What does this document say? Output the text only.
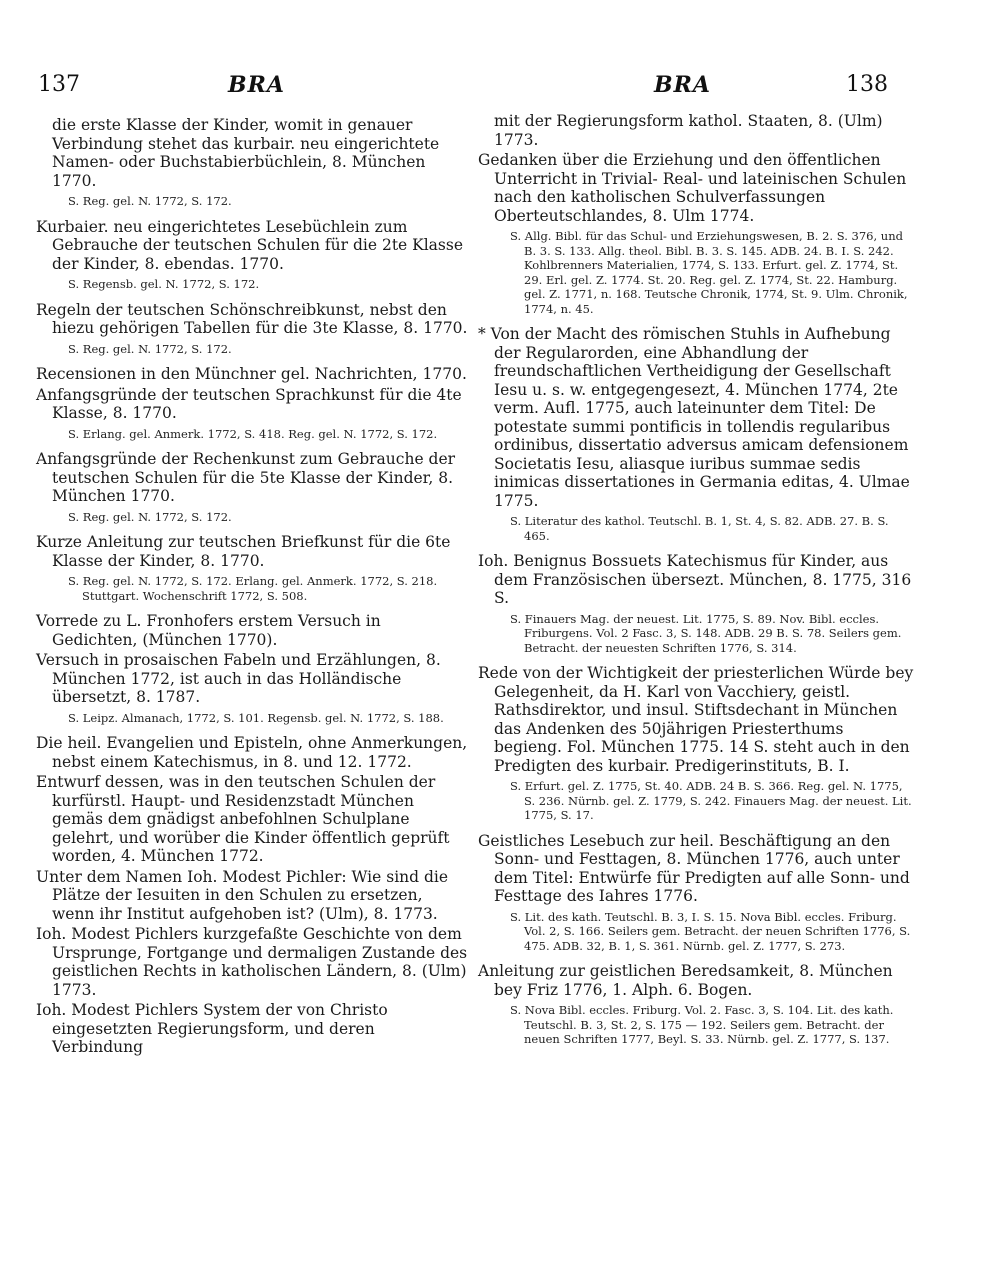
137	BRA	BRA	138

die erste Klasse der Kinder, womit in genauer Verbindung stehet das kurbair. neu eingerichtete Namen- oder Buchstabierbüchlein, 8. München 1770.

S. Reg. gel. N. 1772, S. 172.

Kurbaier. neu eingerichtetes Lesebüchlein zum Gebrauche der teutschen Schulen für die 2te Klasse der Kinder, 8. ebendas. 1770.

S. Regensb. gel. N. 1772, S. 172.

Regeln der teutschen Schönschreibkunst, nebst den hiezu gehörigen Tabellen für die 3te Klasse, 8. 1770.

S. Reg. gel. N. 1772, S. 172.

Recensionen in den Münchner gel. Nachrichten, 1770.

Anfangsgründe der teutschen Sprachkunst für die 4te Klasse, 8. 1770.

S. Erlang. gel. Anmerk. 1772, S. 418. Reg. gel. N. 1772, S. 172.

Anfangsgründe der Rechenkunst zum Gebrauche der teutschen Schulen für die 5te Klasse der Kinder, 8. München 1770.

S. Reg. gel. N. 1772, S. 172.

Kurze Anleitung zur teutschen Briefkunst für die 6te Klasse der Kinder, 8. 1770.

S. Reg. gel. N. 1772, S. 172. Erlang. gel. Anmerk. 1772, S. 218. Stuttgart. Wochenschrift 1772, S. 508.

Vorrede zu L. Fronhofers erstem Versuch in Gedichten, (München 1770).

Versuch in prosaischen Fabeln und Erzählungen, 8. München 1772, ist auch in das Holländische übersetzt, 8. 1787.

S. Leipz. Almanach, 1772, S. 101. Regensb. gel. N. 1772, S. 188.

Die heil. Evangelien und Episteln, ohne Anmerkungen, nebst einem Katechismus, in 8. und 12. 1772.

Entwurf dessen, was in den teutschen Schulen der kurfürstl. Haupt- und Residenzstadt München gemäs dem gnädigst anbefohlnen Schulplane gelehrt, und worüber die Kinder öffentlich geprüft worden, 4. München 1772.

Unter dem Namen Ioh. Modest Pichler: Wie sind die Plätze der Iesuiten in den Schulen zu ersetzen, wenn ihr Institut aufgehoben ist? (Ulm), 8. 1773.

Ioh. Modest Pichlers kurzgefaßte Geschichte von dem Ursprunge, Fortgange und dermaligen Zustande des geistlichen Rechts in katholischen Ländern, 8. (Ulm) 1773.

Ioh. Modest Pichlers System der von Christo eingesetzten Regierungsform, und deren Verbindung

mit der Regierungsform kathol. Staaten, 8. (Ulm) 1773.

Gedanken über die Erziehung und den öffentlichen Unterricht in Trivial- Real- und lateinischen Schulen nach den katholischen Schulverfassungen Oberteutschlandes, 8. Ulm 1774.

S. Allg. Bibl. für das Schul- und Erziehungswesen, B. 2. S. 376, und B. 3. S. 133. Allg. theol. Bibl. B. 3. S. 145. ADB. 24. B. I. S. 242. Kohlbrenners Materialien, 1774, S. 133. Erfurt. gel. Z. 1774, St. 29. Erl. gel. Z. 1774. St. 20. Reg. gel. Z. 1774, St. 22. Hamburg. gel. Z. 1771, n. 168. Teutsche Chronik, 1774, St. 9. Ulm. Chronik, 1774, n. 45.

* Von der Macht des römischen Stuhls in Aufhebung der Regularorden, eine Abhandlung der freundschaftlichen Vertheidigung der Gesellschaft Iesu u. s. w. entgegengesezt, 4. München 1774, 2te verm. Aufl. 1775, auch lateinunter dem Titel: De potestate summi pontificis in tollendis regularibus ordinibus, dissertatio adversus amicam defensionem Societatis Iesu, aliasque iuribus summae sedis inimicas dissertationes in Germania editas, 4. Ulmae 1775.

S. Literatur des kathol. Teutschl. B. 1, St. 4, S. 82. ADB. 27. B. S. 465.

Ioh. Benignus Bossuets Katechismus für Kinder, aus dem Französischen übersezt. München, 8. 1775, 316 S.

S. Finauers Mag. der neuest. Lit. 1775, S. 89. Nov. Bibl. eccles. Friburgens. Vol. 2 Fasc. 3, S. 148. ADB. 29 B. S. 78. Seilers gem. Betracht. der neuesten Schriften 1776, S. 314.

Rede von der Wichtigkeit der priesterlichen Würde bey Gelegenheit, da H. Karl von Vacchiery, geistl. Rathsdirektor, und insul. Stiftsdechant in München das Andenken des 50jährigen Priesterthums begieng. Fol. München 1775. 14 S. steht auch in den Predigten des kurbair. Predigerinstituts, B. I.

S. Erfurt. gel. Z. 1775, St. 40. ADB. 24 B. S. 366. Reg. gel. N. 1775, S. 236. Nürnb. gel. Z. 1779, S. 242. Finauers Mag. der neuest. Lit. 1775, S. 17.

Geistliches Lesebuch zur heil. Beschäftigung an den Sonn- und Festtagen, 8. München 1776, auch unter dem Titel: Entwürfe für Predigten auf alle Sonn- und Festtage des Iahres 1776.

S. Lit. des kath. Teutschl. B. 3, I. S. 15. Nova Bibl. eccles. Friburg. Vol. 2, S. 166. Seilers gem. Betracht. der neuen Schriften 1776, S. 475. ADB. 32, B. 1, S. 361. Nürnb. gel. Z. 1777, S. 273.

Anleitung zur geistlichen Beredsamkeit, 8. München bey Friz 1776, 1. Alph. 6. Bogen.

S. Nova Bibl. eccles. Friburg. Vol. 2. Fasc. 3, S. 104. Lit. des kath. Teutschl. B. 3, St. 2, S. 175 — 192. Seilers gem. Betracht. der neuen Schriften 1777, Beyl. S. 33. Nürnb. gel. Z. 1777, S. 137.
